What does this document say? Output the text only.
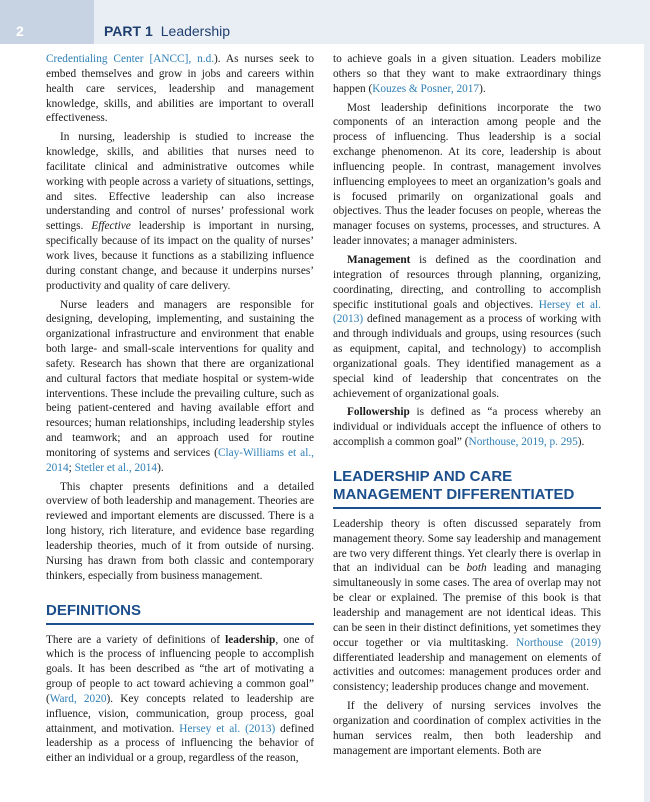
2	PART 1 Leadership

Credentialing Center [ANCC], n.d.). As nurses seek to embed themselves and grow in jobs and careers within health care services, leadership and management knowledge, skills, and abilities are important to overall effectiveness.

In nursing, leadership is studied to increase the knowledge, skills, and abilities that nurses need to facilitate clinical and administrative outcomes while working with people across a variety of situations, settings, and sites. Effective leadership can also increase understanding and control of nurses’ professional work settings. Effective leadership is important in nursing, specifically because of its impact on the quality of nurses’ work lives, because it functions as a stabilizing influence during constant change, and because it underpins nurses’ productivity and quality of care delivery.

Nurse leaders and managers are responsible for designing, developing, implementing, and sustaining the organizational infrastructure and environment that enable both large- and small-scale interventions for quality and safety. Research has shown that there are organizational and cultural factors that mediate hospital or system-wide interventions. These include the prevailing culture, such as being patient-centered and having available effort and resources; human relationships, including leadership styles and teamwork; and an approach used for routine monitoring of systems and services (Clay-Williams et al., 2014; Stetler et al., 2014).

This chapter presents definitions and a detailed overview of both leadership and management. Theories are reviewed and important elements are discussed. There is a long history, rich literature, and evidence base regarding leadership theories, much of it from outside of nursing. Nursing has drawn from both classic and contemporary thinkers, especially from business management.

DEFINITIONS

There are a variety of definitions of leadership, one of which is the process of influencing people to accomplish goals. It has been described as “the art of motivating a group of people to act toward achieving a common goal” (Ward, 2020). Key concepts related to leadership are influence, vision, communication, group process, goal attainment, and motivation. Hersey et al. (2013) defined leadership as a process of influencing the behavior of either an individual or a group, regardless of the reason,

to achieve goals in a given situation. Leaders mobilize others so that they want to make extraordinary things happen (Kouzes & Posner, 2017).

Most leadership definitions incorporate the two components of an interaction among people and the process of influencing. Thus leadership is a social exchange phenomenon. At its core, leadership is about influencing people. In contrast, management involves influencing employees to meet an organization’s goals and is focused primarily on organizational goals and objectives. Thus the leader focuses on people, whereas the manager focuses on systems, processes, and structures. A leader innovates; a manager administers.

Management is defined as the coordination and integration of resources through planning, organizing, coordinating, directing, and controlling to accomplish specific institutional goals and objectives. Hersey et al. (2013) defined management as a process of working with and through individuals and groups, using resources (such as equipment, capital, and technology) to accomplish organizational goals. They identified management as a special kind of leadership that concentrates on the achievement of organizational goals.

Followership is defined as “a process whereby an individual or individuals accept the influence of others to accomplish a common goal” (Northouse, 2019, p. 295).

LEADERSHIP AND CARE MANAGEMENT DIFFERENTIATED

Leadership theory is often discussed separately from management theory. Some say leadership and management are two very different things. Yet clearly there is overlap in that an individual can be both leading and managing simultaneously in some cases. The area of overlap may not be clear or explained. The premise of this book is that leadership and management are not identical ideas. This can be seen in their distinct definitions, yet sometimes they occur together or via multitasking. Northouse (2019) differentiated leadership and management on elements of activities and outcomes: management produces order and consistency; leadership produces change and movement.

If the delivery of nursing services involves the organization and coordination of complex activities in the human services realm, then both leadership and management are important elements. Both are
